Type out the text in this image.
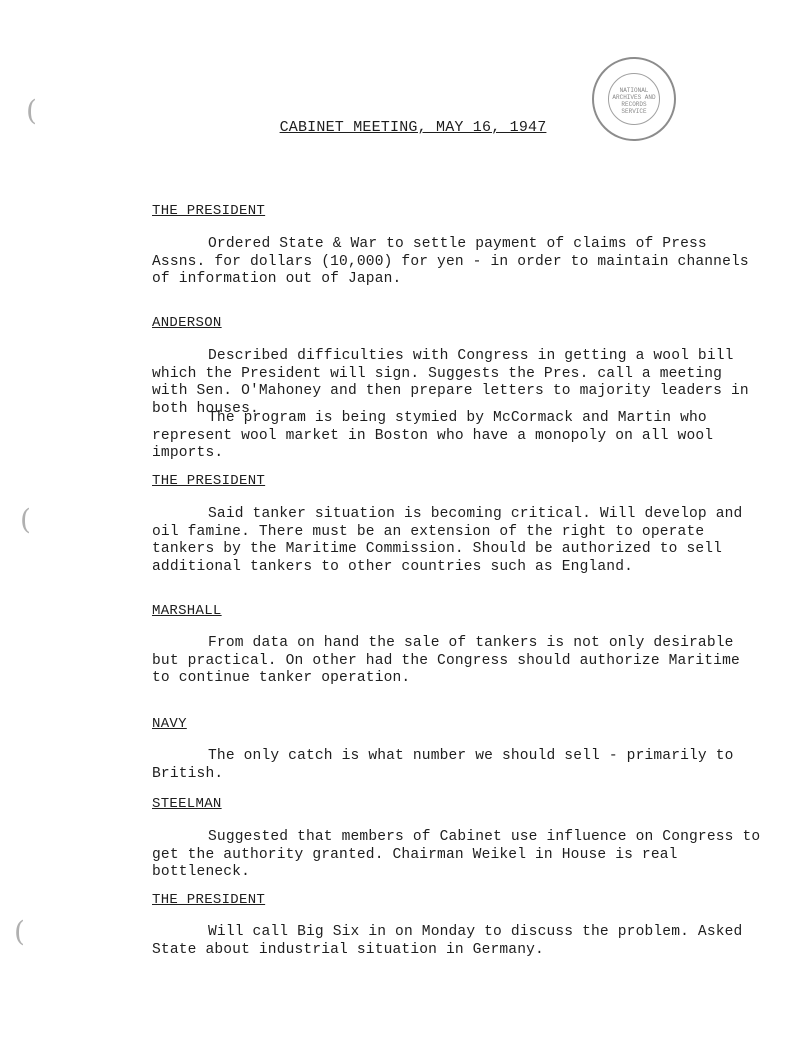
NATIONAL
ARCHIVES AND
RECORDS
SERVICE
(
(
(
CABINET MEETING, MAY 16, 1947
THE PRESIDENT
Ordered State & War to settle payment of claims of Press Assns. for dollars (10,000) for yen - in order to maintain channels of information out of Japan.
ANDERSON
Described difficulties with Congress in getting a wool bill which the President will sign. Suggests the Pres. call a meeting with Sen. O'Mahoney and then prepare letters to majority leaders in both houses.
The program is being stymied by McCormack and Martin who represent wool market in Boston who have a monopoly on all wool imports.
THE PRESIDENT
Said tanker situation is becoming critical. Will develop and oil famine. There must be an extension of the right to operate tankers by the Maritime Commission. Should be authorized to sell additional tankers to other countries such as England.
MARSHALL
From data on hand the sale of tankers is not only desirable but practical. On other had the Congress should authorize Maritime to continue tanker operation.
NAVY
The only catch is what number we should sell - primarily to British.
STEELMAN
Suggested that members of Cabinet use influence on Congress to get the authority granted. Chairman Weikel in House is real bottleneck.
THE PRESIDENT
Will call Big Six in on Monday to discuss the problem. Asked State about industrial situation in Germany.
